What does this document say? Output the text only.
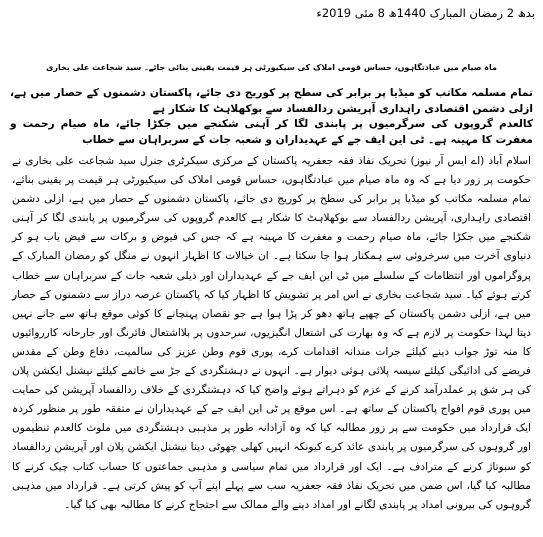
بدھ 2 رمضان المبارک 1440ھ 8 مئی 2019ء
ماہ صیام میں عبادتگاہوں، حساس قومی املاک کی سیکیورٹی ہر قیمت یقینی بنائی جائے۔ سید شجاعت علی بخاری

تمام مسلمہ مکاتب کو میڈیا پر برابر کی سطح پر کوریج دی جائے، پاکستان دشمنوں کے حصار میں ہے، ازلی دشمن اقتصادی راہداری آپریشن ردالفساد سے بوکھلاہٹ کا شکار ہے

کالعدم گروپوں کی سرگرمیوں پر پابندی لگا کر آہنی شکنجے میں جکڑا جائے، ماہ صیام رحمت و مغفرت کا مہینہ ہے۔ ٹی این ایف جے کے عہدیداران و شعبہ جات کے سربراہان سے خطاب

اسلام آباد (اے ایس آر نیوز) تحریک نفاذ فقہ جعفریہ پاکستان کے مرکزی سیکرٹری جنرل سید شجاعت علی بخاری نے حکومت پر زور دیا ہے کہ وہ ماہ صیام میں عبادتگاہوں، حساس قومی املاک کی سیکیورٹی ہر قیمت پر یقینی بنائے، تمام مسلمہ مکاتب کو میڈیا پر برابر کی سطح پر کوریج دی جائے، پاکستان دشمنوں کے حصار میں ہے، ازلی دشمن اقتصادی راہداری، آپریشن ردالفساد سے بوکھلاہٹ کا شکار ہے کالعدم گروپوں کی سرگرمیوں پر پابندی لگا کر آہنی شکنجے میں جکڑا جائے، ماہ صیام رحمت و مغفرت کا مہینہ ہے کہ جس کی فیوض و برکات سے فیض یاب ہو کر دنیاوی آخرت میں سرخروئی سے ہمکنار ہوا جا سکتا ہے۔ ان خیالات کا اظہار انہوں نے منگل کو رمضان المبارک کے پروگراموں اور انتظامات کے سلسلے میں ٹی این ایف جے کے عہدیداران اور ذیلی شعبہ جات کے سربراہان سے خطاب کرتے ہوئے کیا۔ سید شجاعت بخاری نے اس امر پر تشویش کا اظہار کیا کہ پاکستان عرصہ دراز سے دشمنوں کے حصار میں ہے، ازلی دشمن پاکستان کے چھپے ہاتھ دھو کر پڑا ہوا ہے جو نقصان پہنچانے کا کوئی موقع ہاتھ سے جانے نہیں دیتا لہذا حکومت پر لازم ہے کہ وہ بھارت کی اشتعال انگیزیوں، سرحدوں پر بلااشتعال فائرنگ اور جارحانہ کارروائیوں کا منہ توڑ جواب دینے کیلئے جرات مندانہ اقدامات کرے، پوری قوم وطن عزیز کی سالمیت، دفاع وطن کے مقدس فریضے کی ادائیگی کیلئے سیسہ پلائی ہوئی دیوار ہے۔ انہوں نے دہشتگردی کے جڑ سے خاتمے کیلئے نیشنل ایکشن پلان کی ہر شق پر عملدرآمد کرنے کے عزم کو دہراتے ہوئے واضح کیا کہ دہشتگردی کے خلاف ردالفساد آپریشن کی حمایت میں پوری قوم افواج پاکستان کے ساتھ ہے۔ اس موقع پر ٹی این ایف جے کے عہدیداران نے متفقہ طور پر منظور کردہ ایک قرارداد میں حکومت سے پر زور مطالبہ کیا کہ وہ آزادانہ طور پر مذہبی دہشتگردی میں ملوث کالعدم تنظیموں اور گروہوں کی سرگرمیوں پر پابندی عائد کرے کیونکہ انہیں کھلی چھوٹی دینا نیشنل ایکشن پلان اور آپریشن ردالفساد کو سبوتاژ کرنے کے مترادف ہے۔ ایک اور قرارداد میں تمام سیاسی و مذہبی جماعتوں کا حساب کتاب چیک کرنے کا مطالبہ کیا گیا، اس ضمن میں تحریک نفاذ فقہ جعفریہ سب سے پہلے اپنے آپ کو پیش کرتی ہے۔ قرارداد میں مذہبی گروہوں کی بیرونی امداد پر پابندی لگانے اور امداد دینے والے ممالک سے احتجاج کرنے کا مطالبہ بھی کیا گیا۔
